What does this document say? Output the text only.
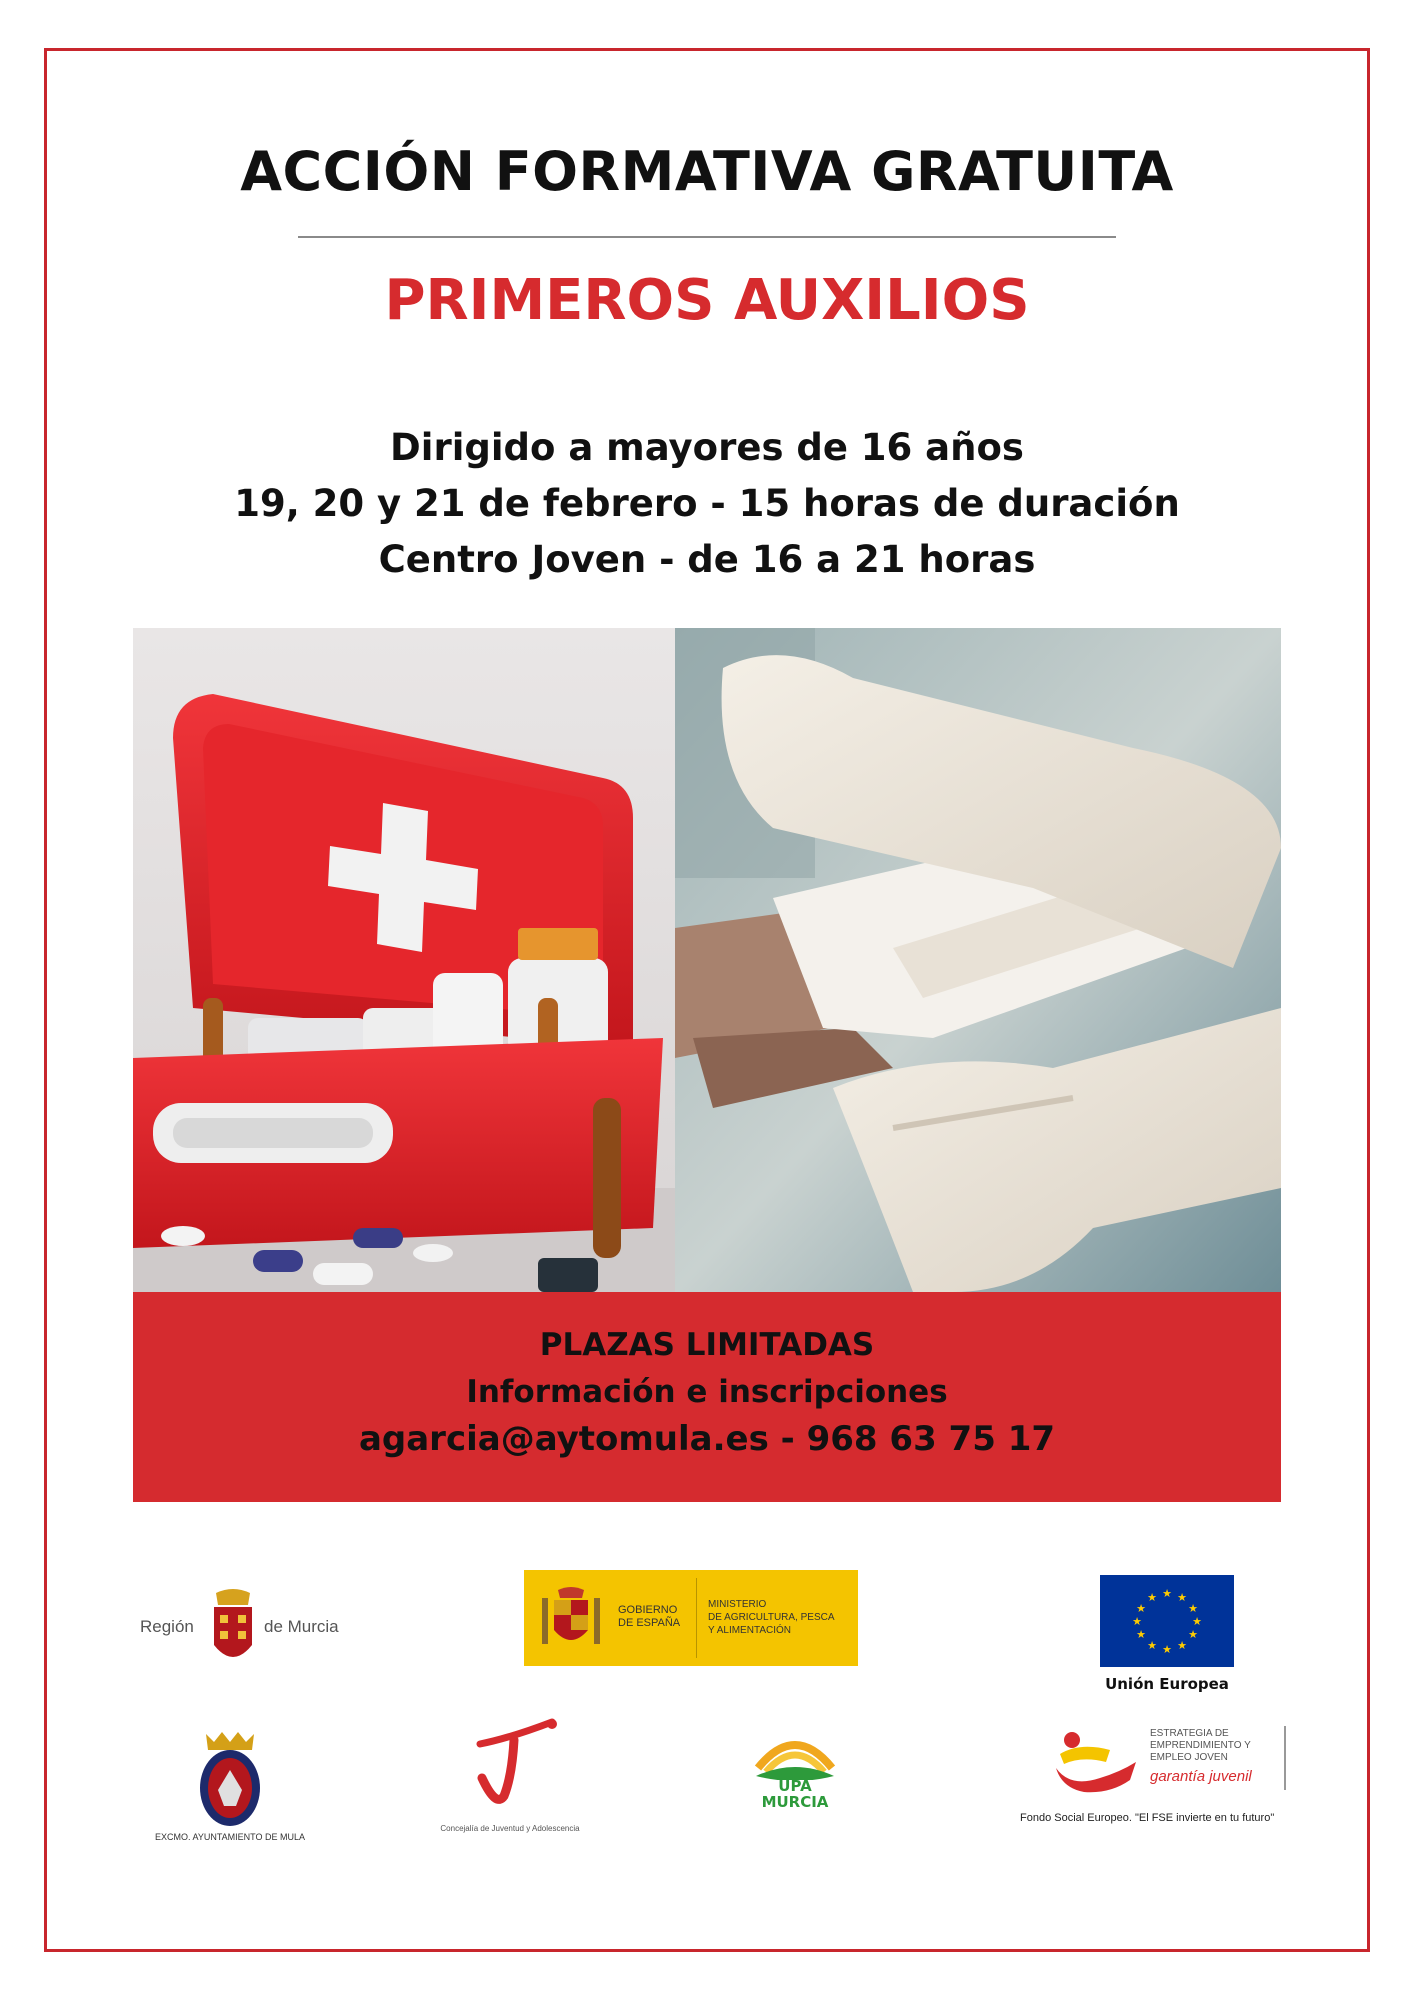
ACCIÓN FORMATIVA GRATUITA
PRIMEROS AUXILIOS
Dirigido a mayores de 16 años
19, 20 y 21 de febrero - 15 horas de duración
Centro Joven - de 16 a 21 horas
PLAZAS LIMITADAS
Información e inscripciones
agarcia@aytomula.es - 968 63 75 17
Región	de Murcia
GOBIERNO
DE ESPAÑA
MINISTERIO
DE AGRICULTURA, PESCA
Y ALIMENTACIÓN
★ ★
★
★
★
★
★
★
★
★
★
★
Unión Europea
EXCMO. AYUNTAMIENTO DE MULA
Concejalía de Juventud y Adolescencia
UPA
MURCIA
ESTRATEGIA DE
EMPRENDIMIENTO Y
EMPLEO JOVEN
garantía juvenil
Fondo Social Europeo. "El FSE invierte en tu futuro"
